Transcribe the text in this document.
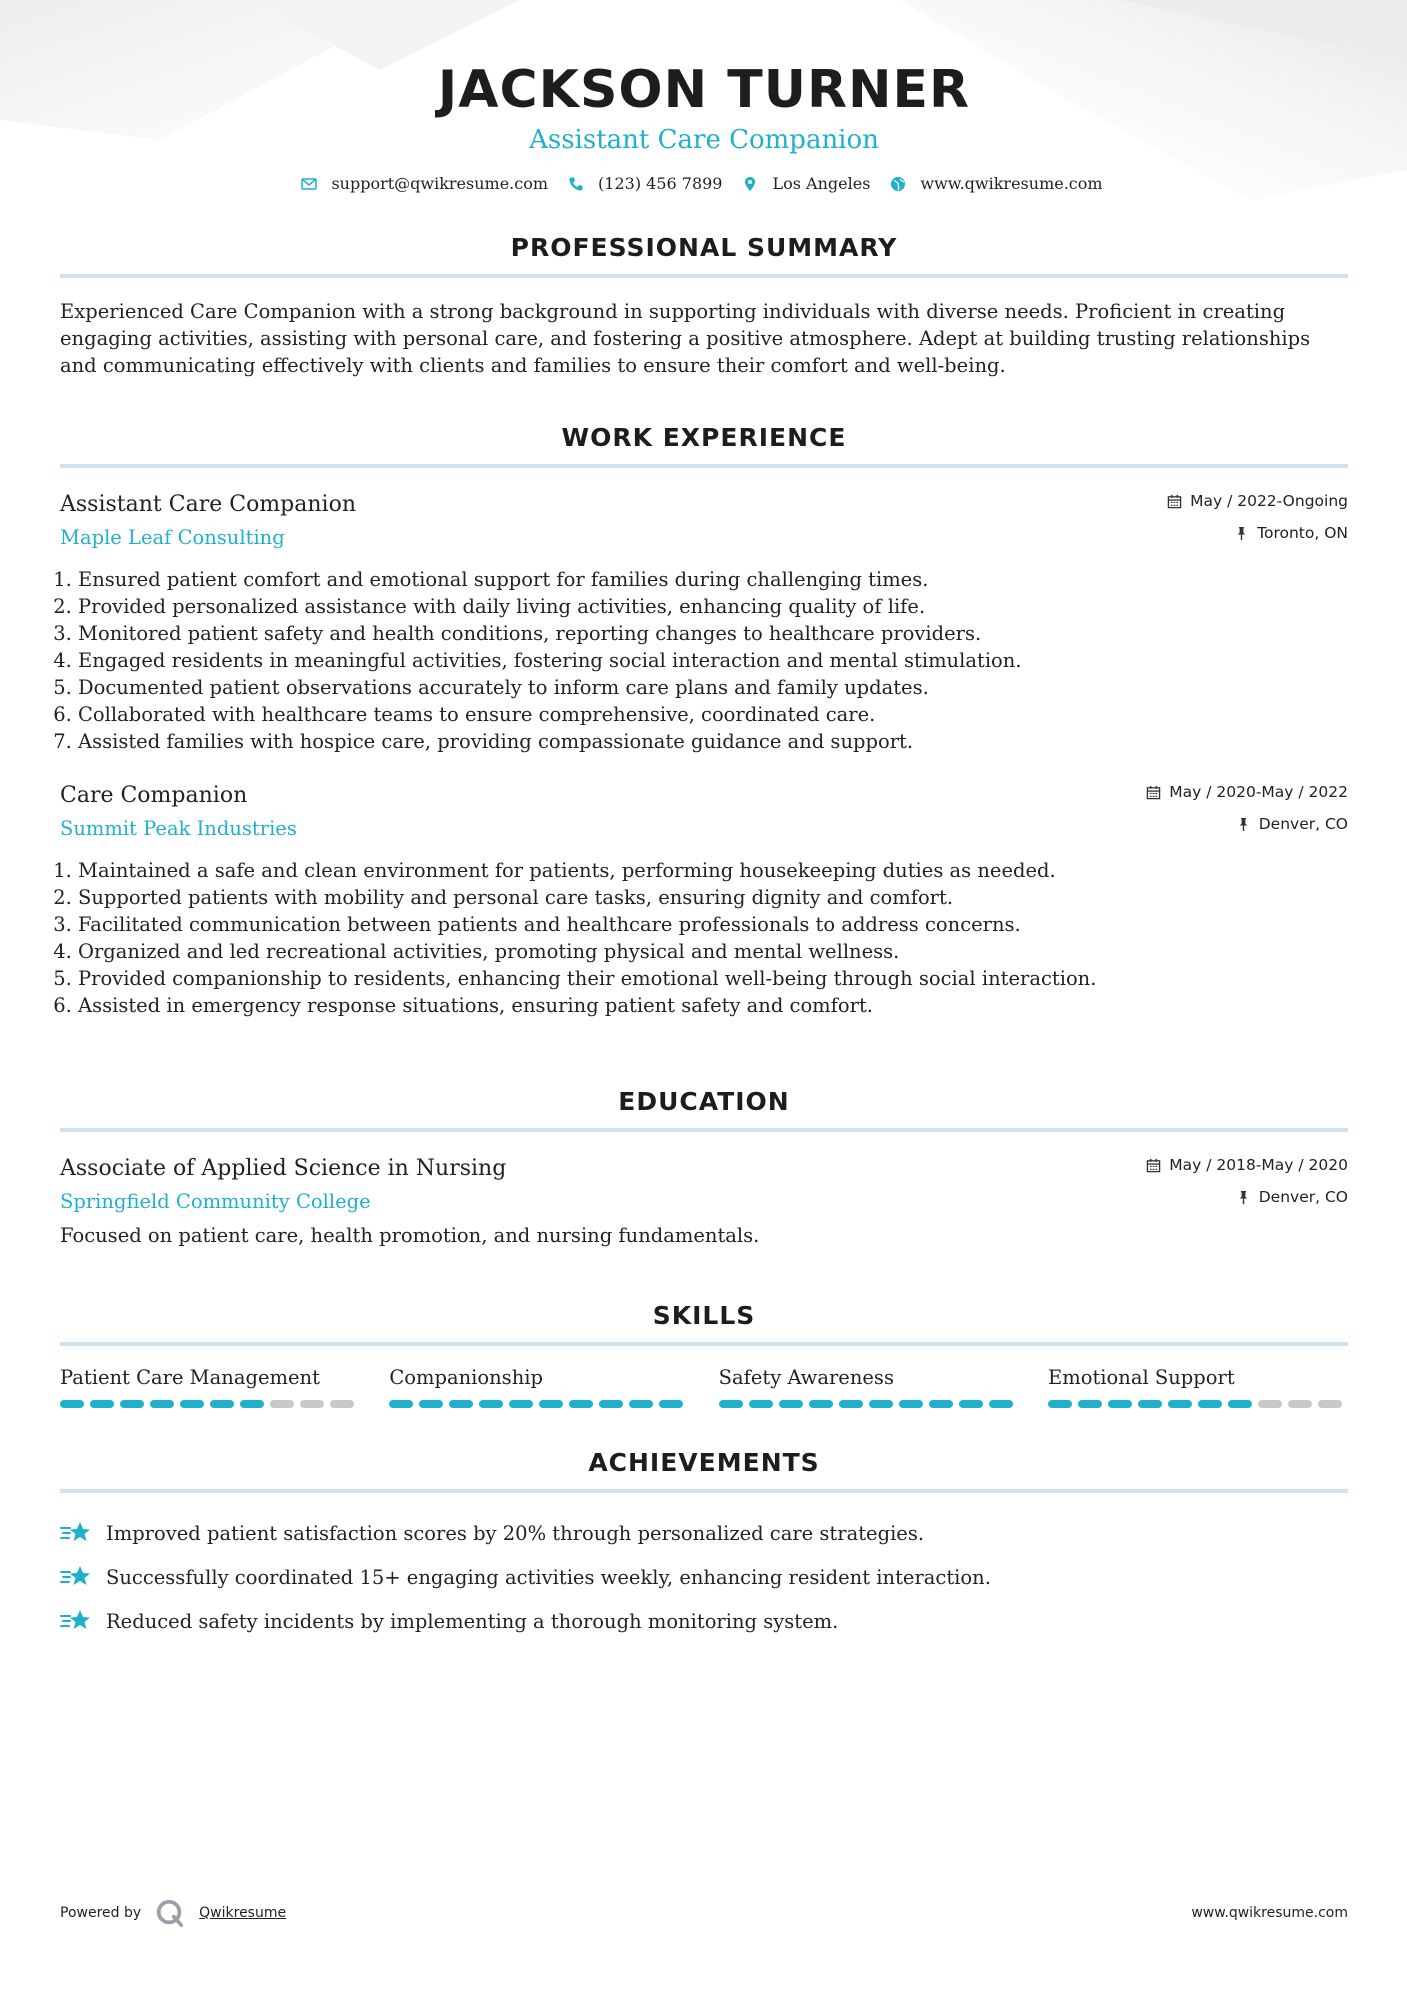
JACKSON TURNER
Assistant Care Companion
support@qwikresume.com	(123) 456 7899	Los Angeles	www.qwikresume.com
PROFESSIONAL SUMMARY
Experienced Care Companion with a strong background in supporting individuals with diverse needs. Proficient in creating engaging activities, assisting with personal care, and fostering a positive atmosphere. Adept at building trusting relationships and communicating effectively with clients and families to ensure their comfort and well-being.
WORK EXPERIENCE
Assistant Care Companion
Maple Leaf Consulting
May / 2022-Ongoing
Toronto, ON
1. Ensured patient comfort and emotional support for families during challenging times.
2. Provided personalized assistance with daily living activities, enhancing quality of life.
3. Monitored patient safety and health conditions, reporting changes to healthcare providers.
4. Engaged residents in meaningful activities, fostering social interaction and mental stimulation.
5. Documented patient observations accurately to inform care plans and family updates.
6. Collaborated with healthcare teams to ensure comprehensive, coordinated care.
7. Assisted families with hospice care, providing compassionate guidance and support.
Care Companion
Summit Peak Industries
May / 2020-May / 2022
Denver, CO
1. Maintained a safe and clean environment for patients, performing housekeeping duties as needed.
2. Supported patients with mobility and personal care tasks, ensuring dignity and comfort.
3. Facilitated communication between patients and healthcare professionals to address concerns.
4. Organized and led recreational activities, promoting physical and mental wellness.
5. Provided companionship to residents, enhancing their emotional well-being through social interaction.
6. Assisted in emergency response situations, ensuring patient safety and comfort.
EDUCATION
Associate of Applied Science in Nursing
Springfield Community College
May / 2018-May / 2020
Denver, CO
Focused on patient care, health promotion, and nursing fundamentals.
SKILLS
Patient Care Management	Companionship	Safety Awareness	Emotional Support
ACHIEVEMENTS
Improved patient satisfaction scores by 20% through personalized care strategies.
Successfully coordinated 15+ engaging activities weekly, enhancing resident interaction.
Reduced safety incidents by implementing a thorough monitoring system.
Powered by	Qwikresume	www.qwikresume.com
